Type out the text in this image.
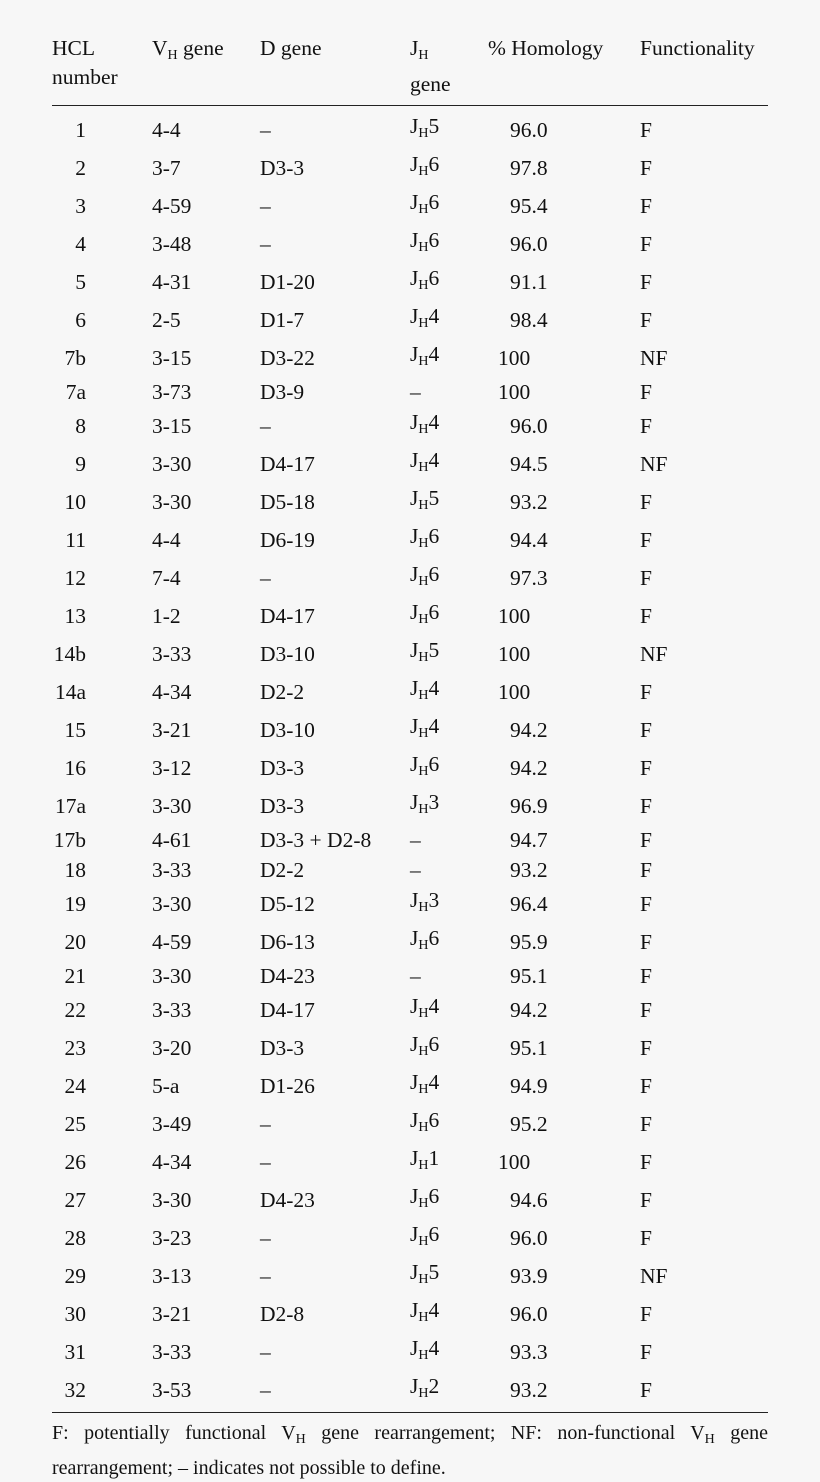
HCL
number	$V_H$ gene	D gene	$J_H$
gene	% Homology	Functionality
1	4-4	–	$J_H5$	96.0	F
2	3-7	D3-3	$J_H6$	97.8	F
3	4-59	–	$J_H6$	95.4	F
4	3-48	–	$J_H6$	96.0	F
5	4-31	D1-20	$J_H6$	91.1	F
6	2-5	D1-7	$J_H4$	98.4	F
7b	3-15	D3-22	$J_H4$	100	NF
7a	3-73	D3-9	–	100	F
8	3-15	–	$J_H4$	96.0	F
9	3-30	D4-17	$J_H4$	94.5	NF
10	3-30	D5-18	$J_H5$	93.2	F
11	4-4	D6-19	$J_H6$	94.4	F
12	7-4	–	$J_H6$	97.3	F
13	1-2	D4-17	$J_H6$	100	F
14b	3-33	D3-10	$J_H5$	100	NF
14a	4-34	D2-2	$J_H4$	100	F
15	3-21	D3-10	$J_H4$	94.2	F
16	3-12	D3-3	$J_H6$	94.2	F
17a	3-30	D3-3	$J_H3$	96.9	F
17b	4-61	D3-3 + D2-8	–	94.7	F
18	3-33	D2-2	–	93.2	F
19	3-30	D5-12	$J_H3$	96.4	F
20	4-59	D6-13	$J_H6$	95.9	F
21	3-30	D4-23	–	95.1	F
22	3-33	D4-17	$J_H4$	94.2	F
23	3-20	D3-3	$J_H6$	95.1	F
24	5-a	D1-26	$J_H4$	94.9	F
25	3-49	–	$J_H6$	95.2	F
26	4-34	–	$J_H1$	100	F
27	3-30	D4-23	$J_H6$	94.6	F
28	3-23	–	$J_H6$	96.0	F
29	3-13	–	$J_H5$	93.9	NF
30	3-21	D2-8	$J_H4$	96.0	F
31	3-33	–	$J_H4$	93.3	F
32	3-53	–	$J_H2$	93.2	F
F: potentially functional $V_H$ gene rearrangement; NF: non-functional $V_H$ gene rearrangement; – indicates not possible to define.
